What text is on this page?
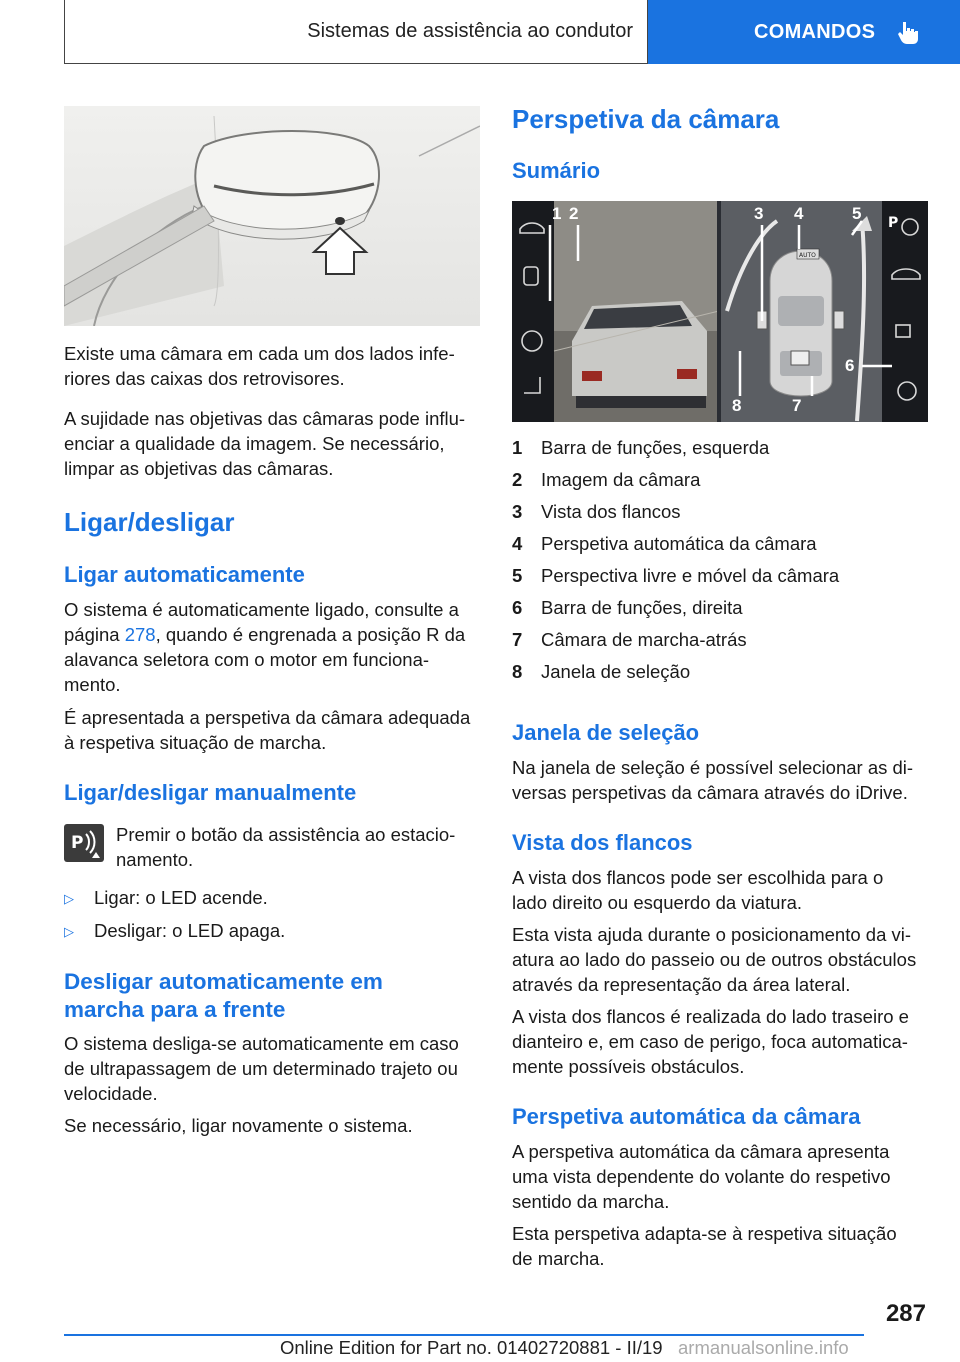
Sistemas de assistência ao condutor	COMANDOS

Existe uma câmara em cada um dos lados infe-
riores das caixas dos retrovisores.

A sujidade nas objetivas das câmaras pode influ-
enciar a qualidade da imagem. Se necessário,
limpar as objetivas das câmaras.

Ligar/desligar
Ligar automaticamente

O sistema é automaticamente ligado, consulte a
página 278, quando é engrenada a posição R da
alavanca seletora com o motor em funciona-
mento.

É apresentada a perspetiva da câmara adequada
à respetiva situação de marcha.

Ligar/desligar manualmente
P Premir o botão da assistência ao estacio-
namento.

▷ Ligar: o LED acende.
▷ Desligar: o LED apaga.
Desligar automaticamente em
marcha para a frente

O sistema desliga-se automaticamente em caso
de ultrapassagem de um determinado trajeto ou
velocidade.

Se necessário, ligar novamente o sistema.

Perspetiva da câmara
Sumário
AUTO
P
1 2	3 4	5
6
7
8
1 Barra de funções, esquerda
2 Imagem da câmara
3 Vista dos flancos
4 Perspetiva automática da câmara
5 Perspectiva livre e móvel da câmara
6 Barra de funções, direita
7 Câmara de marcha-atrás
8 Janela de seleção
Janela de seleção

Na janela de seleção é possível selecionar as di-
versas perspetivas da câmara através do iDrive.

Vista dos flancos

A vista dos flancos pode ser escolhida para o
lado direito ou esquerdo da viatura.

Esta vista ajuda durante o posicionamento da vi-
atura ao lado do passeio ou de outros obstáculos
através da representação da área lateral.

A vista dos flancos é realizada do lado traseiro e
dianteiro e, em caso de perigo, foca automatica-
mente possíveis obstáculos.

Perspetiva automática da câmara

A perspetiva automática da câmara apresenta
uma vista dependente do volante do respetivo
sentido da marcha.

Esta perspetiva adapta-se à respetiva situação
de marcha.

287
Online Edition for Part no. 01402720881 - II/19 armanualsonline.info
